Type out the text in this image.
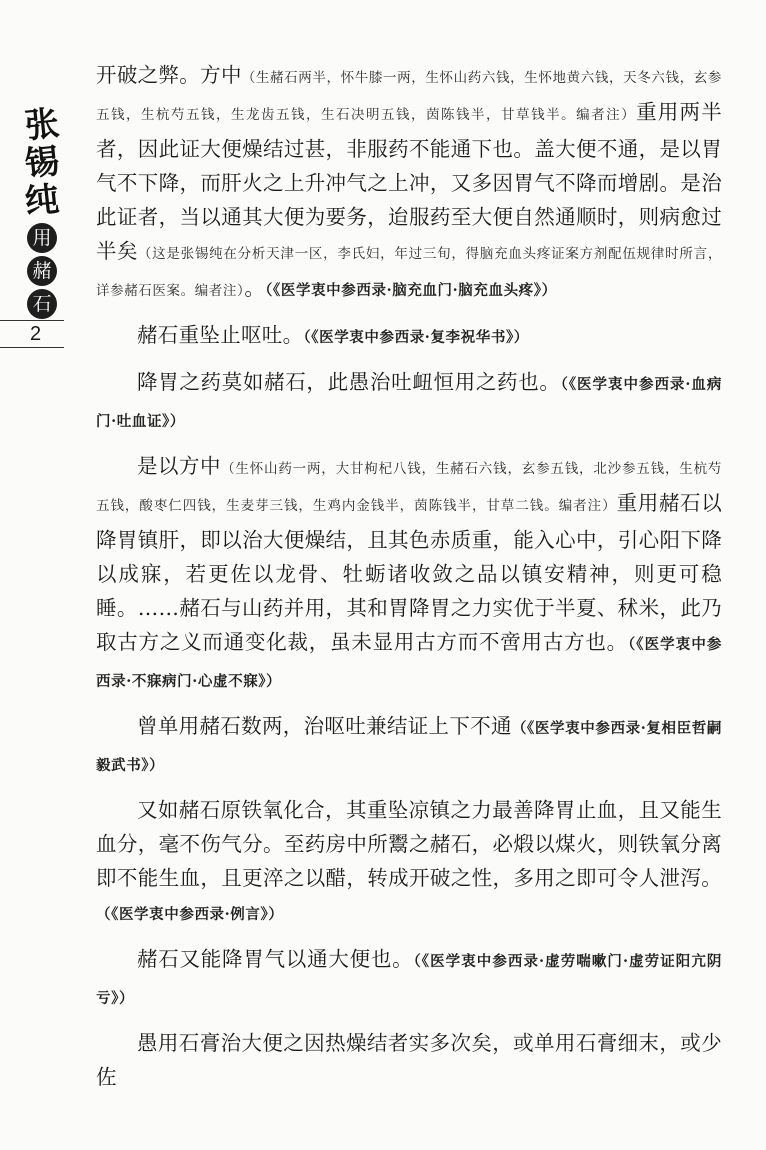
张
锡
纯
用
赭
石
2

开破之弊。方中（生赭石两半，怀牛膝一两，生怀山药六钱，生怀地黄六钱，天冬六钱，玄参五钱，生杭芍五钱，生龙齿五钱，生石决明五钱，茵陈钱半，甘草钱半。编者注）重用两半者，因此证大便燥结过甚，非服药不能通下也。盖大便不通，是以胃气不下降，而肝火之上升冲气之上冲，又多因胃气不降而增剧。是治此证者，当以通其大便为要务，迨服药至大便自然通顺时，则病愈过半矣（这是张锡纯在分析天津一区，李氏妇，年过三旬，得脑充血头疼证案方剂配伍规律时所言，详参赭石医案。编者注）。（《医学衷中参西录·脑充血门·脑充血头疼》）

赭石重坠止呕吐。（《医学衷中参西录·复李祝华书》）

降胃之药莫如赭石，此愚治吐衄恒用之药也。（《医学衷中参西录·血病门·吐血证》）

是以方中（生怀山药一两，大甘枸杞八钱，生赭石六钱，玄参五钱，北沙参五钱，生杭芍五钱，酸枣仁四钱，生麦芽三钱，生鸡内金钱半，茵陈钱半，甘草二钱。编者注）重用赭石以降胃镇肝，即以治大便燥结，且其色赤质重，能入心中，引心阳下降以成寐，若更佐以龙骨、牡蛎诸收敛之品以镇安精神，则更可稳睡。……赭石与山药并用，其和胃降胃之力实优于半夏、秫米，此乃取古方之义而通变化裁，虽未显用古方而不啻用古方也。（《医学衷中参西录·不寐病门·心虚不寐》）

曾单用赭石数两，治呕吐兼结证上下不通（《医学衷中参西录·复相臣哲嗣毅武书》）

又如赭石原铁氧化合，其重坠凉镇之力最善降胃止血，且又能生血分，毫不伤气分。至药房中所鬻之赭石，必煅以煤火，则铁氧分离即不能生血，且更淬之以醋，转成开破之性，多用之即可令人泄泻。（《医学衷中参西录·例言》）

赭石又能降胃气以通大便也。（《医学衷中参西录·虚劳喘嗽门·虚劳证阳亢阴亏》）

愚用石膏治大便之因热燥结者实多次矣，或单用石膏细末，或少佐
